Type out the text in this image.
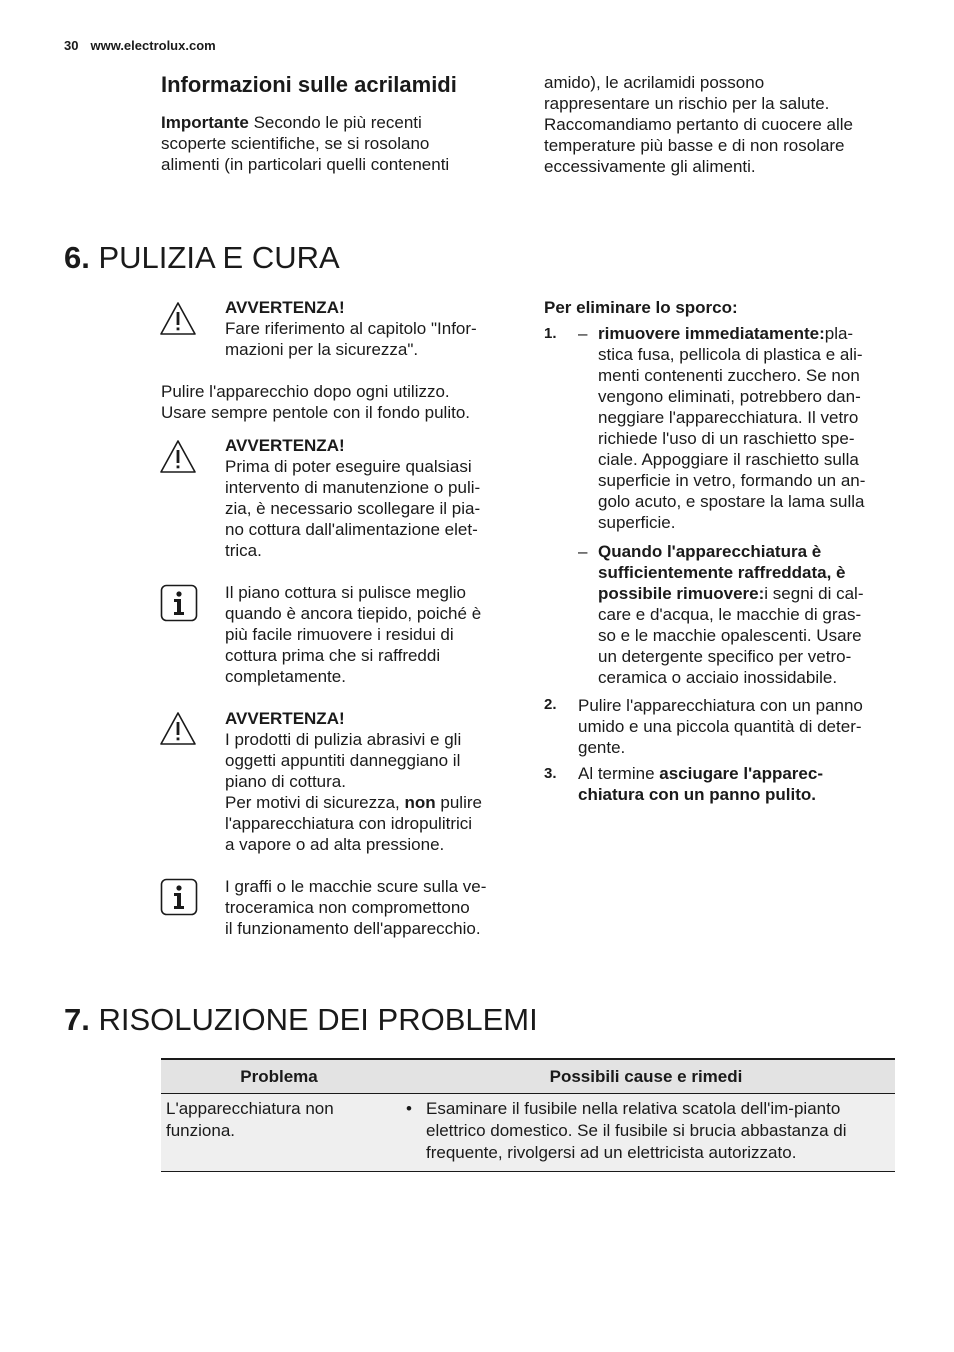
30 www.electrolux.com
Informazioni sulle acrilamidi

Importante Secondo le più recenti

scoperte scientifiche, se si rosolano

alimenti (in particolari quelli contenenti

amido), le acrilamidi possono

rappresentare un rischio per la salute.

Raccomandiamo pertanto di cuocere alle

temperature più basse e di non rosolare

eccessivamente gli alimenti.

6. PULIZIA E CURA

AVVERTENZA!

Fare riferimento al capitolo "Infor-

mazioni per la sicurezza".

Pulire l'apparecchio dopo ogni utilizzo.

Usare sempre pentole con il fondo pulito.

AVVERTENZA!

Prima di poter eseguire qualsiasi

intervento di manutenzione o puli-

zia, è necessario scollegare il pia-

no cottura dall'alimentazione elet-

trica.

Il piano cottura si pulisce meglio

quando è ancora tiepido, poiché è

più facile rimuovere i residui di

cottura prima che si raffreddi

completamente.

AVVERTENZA!

I prodotti di pulizia abrasivi e gli

oggetti appuntiti danneggiano il

piano di cottura.

Per motivi di sicurezza, non pulire

l'apparecchiatura con idropulitrici

a vapore o ad alta pressione.

I graffi o le macchie scure sulla ve-

troceramica non compromettono

il funzionamento dell'apparecchio.

Per eliminare lo sporco:

1. – rimuovere immediatamente:pla-

stica fusa, pellicola di plastica e ali-

menti contenenti zucchero. Se non

vengono eliminati, potrebbero dan-

neggiare l'apparecchiatura. Il vetro

richiede l'uso di un raschietto spe-

ciale. Appoggiare il raschietto sulla

superficie in vetro, formando un an-

golo acuto, e spostare la lama sulla

superficie.

– Quando l'apparecchiatura è

sufficientemente raffreddata, è

possibile rimuovere:i segni di cal-

care e d'acqua, le macchie di gras-

so e le macchie opalescenti. Usare

un detergente specifico per vetro-

ceramica o acciaio inossidabile.

2. Pulire l'apparecchiatura con un panno

umido e una piccola quantità di deter-

gente.

3. Al termine asciugare l'apparec-

chiatura con un panno pulito.

7. RISOLUZIONE DEI PROBLEMI
Problema	Possibili cause e rimedi
L'apparecchiatura non funziona.	• Esaminare il fusibile nella relativa scatola dell'im-pianto elettrico domestico. Se il fusibile si brucia abbastanza di frequente, rivolgersi ad un elettricista autorizzato.
